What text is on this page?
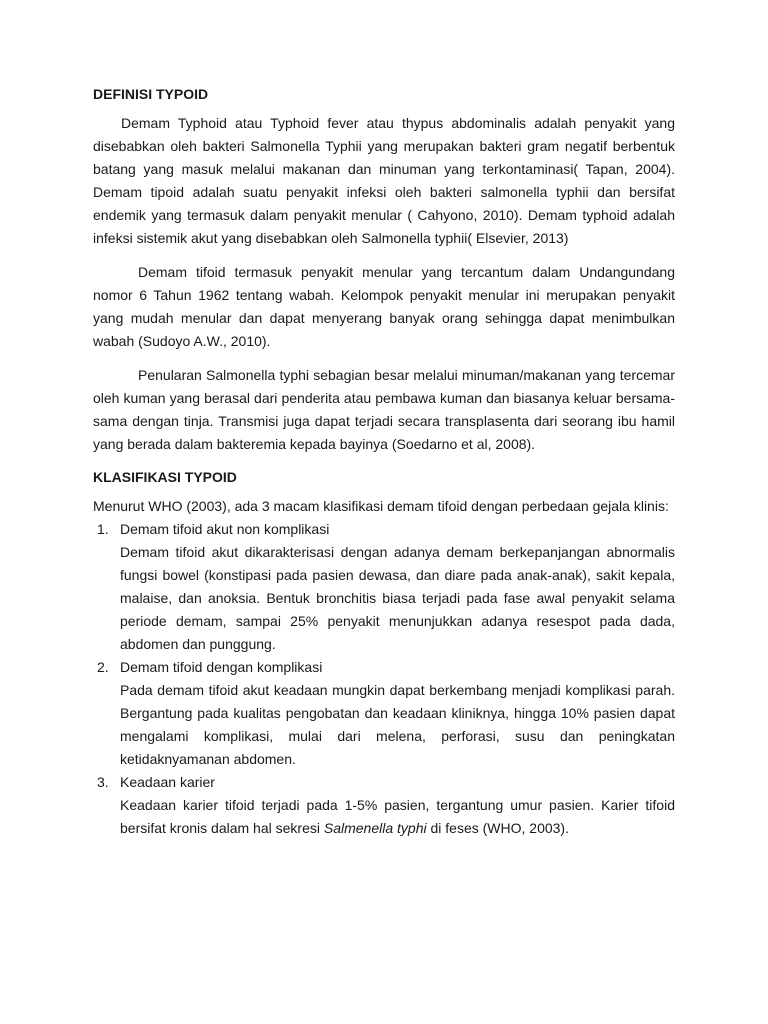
DEFINISI TYPOID

Demam Typhoid atau Typhoid fever atau thypus abdominalis adalah penyakit yang disebabkan oleh bakteri Salmonella Typhii yang merupakan bakteri gram negatif berbentuk batang yang masuk melalui makanan dan minuman yang terkontaminasi( Tapan, 2004). Demam tipoid adalah suatu penyakit infeksi oleh bakteri salmonella typhii dan bersifat endemik yang termasuk dalam penyakit menular ( Cahyono, 2010). Demam typhoid adalah infeksi sistemik akut yang disebabkan oleh Salmonella typhii( Elsevier, 2013)

Demam tifoid termasuk penyakit menular yang tercantum dalam Undangundang nomor 6 Tahun 1962 tentang wabah. Kelompok penyakit menular ini merupakan penyakit yang mudah menular dan dapat menyerang banyak orang sehingga dapat menimbulkan wabah (Sudoyo A.W., 2010).

Penularan Salmonella typhi sebagian besar melalui minuman/makanan yang tercemar oleh kuman yang berasal dari penderita atau pembawa kuman dan biasanya keluar bersama-sama dengan tinja. Transmisi juga dapat terjadi secara transplasenta dari seorang ibu hamil yang berada dalam bakteremia kepada bayinya (Soedarno et al, 2008).

KLASIFIKASI TYPOID

Menurut WHO (2003), ada 3 macam klasifikasi demam tifoid dengan perbedaan gejala klinis:

1. Demam tifoid akut non komplikasi
Demam tifoid akut dikarakterisasi dengan adanya demam berkepanjangan abnormalis fungsi bowel (konstipasi pada pasien dewasa, dan diare pada anak-anak), sakit kepala, malaise, dan anoksia. Bentuk bronchitis biasa terjadi pada fase awal penyakit selama periode demam, sampai 25% penyakit menunjukkan adanya resespot pada dada, abdomen dan punggung.
2. Demam tifoid dengan komplikasi
Pada demam tifoid akut keadaan mungkin dapat berkembang menjadi komplikasi parah. Bergantung pada kualitas pengobatan dan keadaan kliniknya, hingga 10% pasien dapat mengalami komplikasi, mulai dari melena, perforasi, susu dan peningkatan ketidaknyamanan abdomen.
3. Keadaan karier
Keadaan karier tifoid terjadi pada 1-5% pasien, tergantung umur pasien. Karier tifoid bersifat kronis dalam hal sekresi Salmenella typhi di feses (WHO, 2003).
